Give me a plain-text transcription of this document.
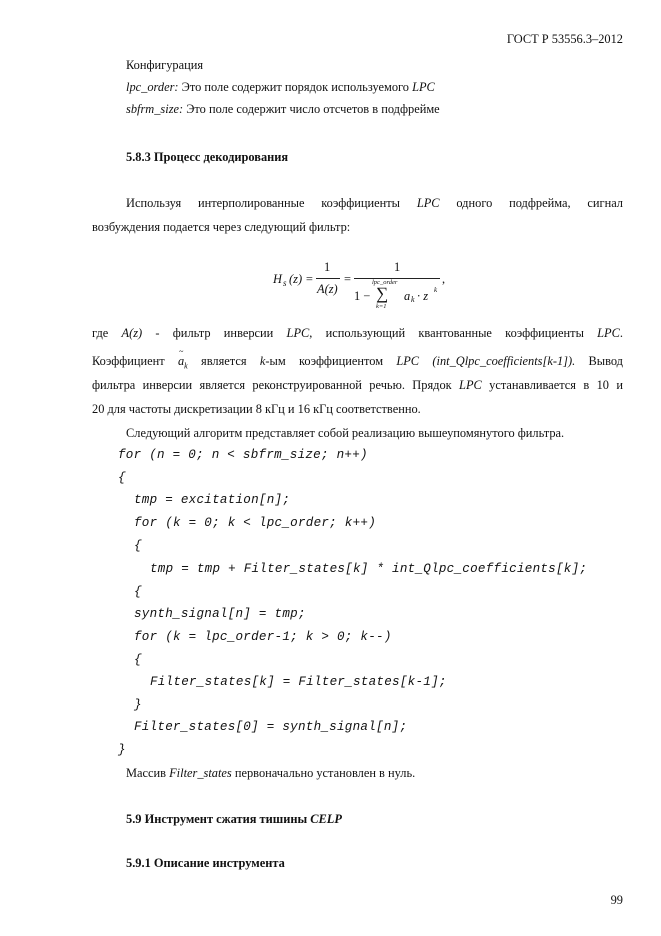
ГОСТ Р 53556.3–2012
Конфигурация
lpc_order: Это поле содержит порядок используемого LPC
sbfrm_size: Это поле содержит число отсчетов в подфрейме
5.8.3 Процесс декодирования
Используя интерполированные коэффициенты LPC одного подфрейма, сигнал
возбуждения подается через следующий фильтр:
H s (z) =
1
A(z)
=
1
lpc_order
1 − ∑
k=1
a k · z k
,
где A(z) - фильтр инверсии LPC, использующий квантованные коэффициенты LPC.
Коэффициент
~
$a_k$ является k-ым коэффициентом LPC (int_Qlpc_coefficients[k-1]). Вывод
фильтра инверсии является реконструированной речью. Прядок LPC устанавливается в 10 и
20 для частоты дискретизации 8 кГц и 16 кГц соответственно.
Следующий алгоритм представляет собой реализацию вышеупомянутого фильтра.
for (n = 0; n < sbfrm_size; n++)
{
tmp = excitation[n];
for (k = 0; k < lpc_order; k++)
{
tmp = tmp + Filter_states[k] * int_Qlpc_coefficients[k];
{
synth_signal[n] = tmp;
for (k = lpc_order-1; k > 0; k--)
{
Filter_states[k] = Filter_states[k-1];
}
Filter_states[0] = synth_signal[n];
}
Массив Filter_states первоначально установлен в нуль.
5.9 Инструмент сжатия тишины CELP
5.9.1 Описание инструмента
99
